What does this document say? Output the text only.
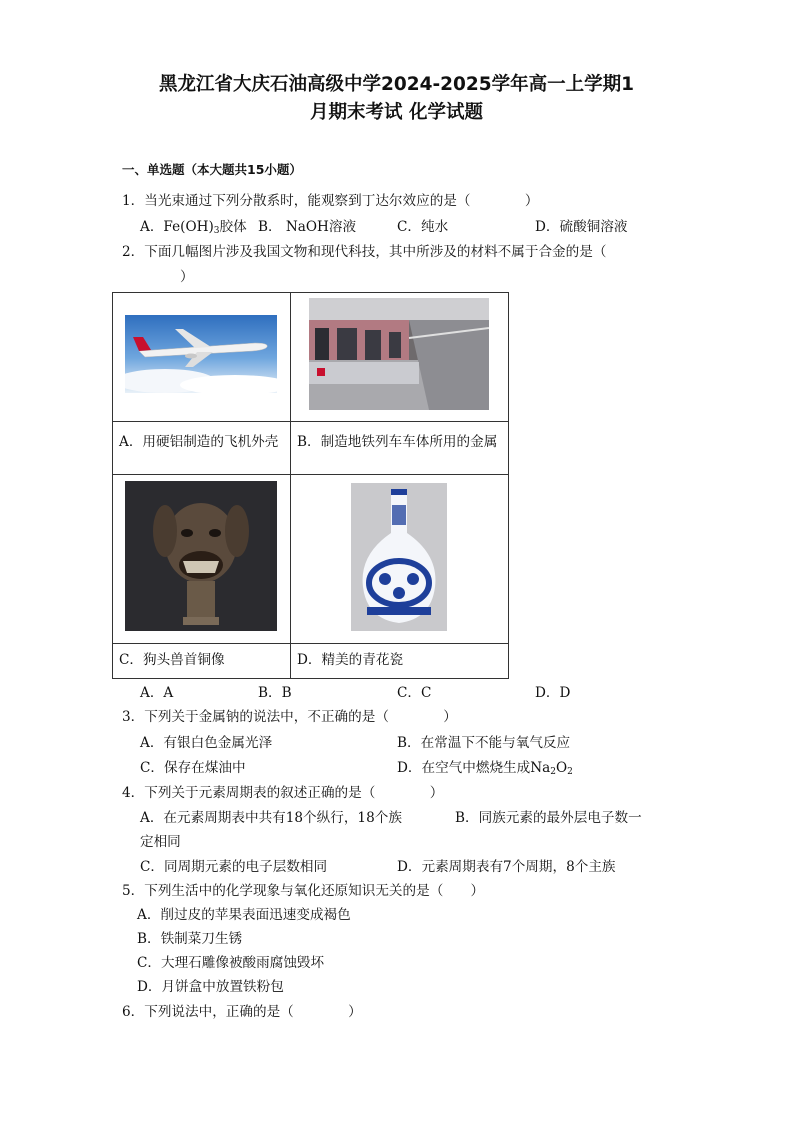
黑龙江省大庆石油高级中学2024-2025学年高一上学期1
月期末考试 化学试题
一、单选题（本大题共15小题）
1．当光束通过下列分散系时，能观察到丁达尔效应的是（　　　　）
A．$Fe(OH)_3$胶体 B． NaOH溶液	C．纯水	D．硫酸铜溶液
2．下面几幅图片涉及我国文物和现代科技，其中所涉及的材料不属于合金的是（
）

A．用硬铝制造的飞机外壳	B．制造地铁列车车体所用的金属

C．狗头兽首铜像	D．精美的青花瓷
A．A	B．B	C．C	D．D
3．下列关于金属钠的说法中，不正确的是（　　　　）
A．有银白色金属光泽	B．在常温下不能与氧气反应
C．保存在煤油中	D．在空气中燃烧生成$Na_2O_2$
4．下列关于元素周期表的叙述正确的是（　　　　）
A．在元素周期表中共有18个纵行，18个族	B．同族元素的最外层电子数一
定相同
C．同周期元素的电子层数相同	D．元素周期表有7个周期，8个主族
5．下列生活中的化学现象与氧化还原知识无关的是（　　）
A．削过皮的苹果表面迅速变成褐色
B．铁制菜刀生锈
C．大理石雕像被酸雨腐蚀毁坏
D．月饼盒中放置铁粉包
6．下列说法中，正确的是（　　　　）
